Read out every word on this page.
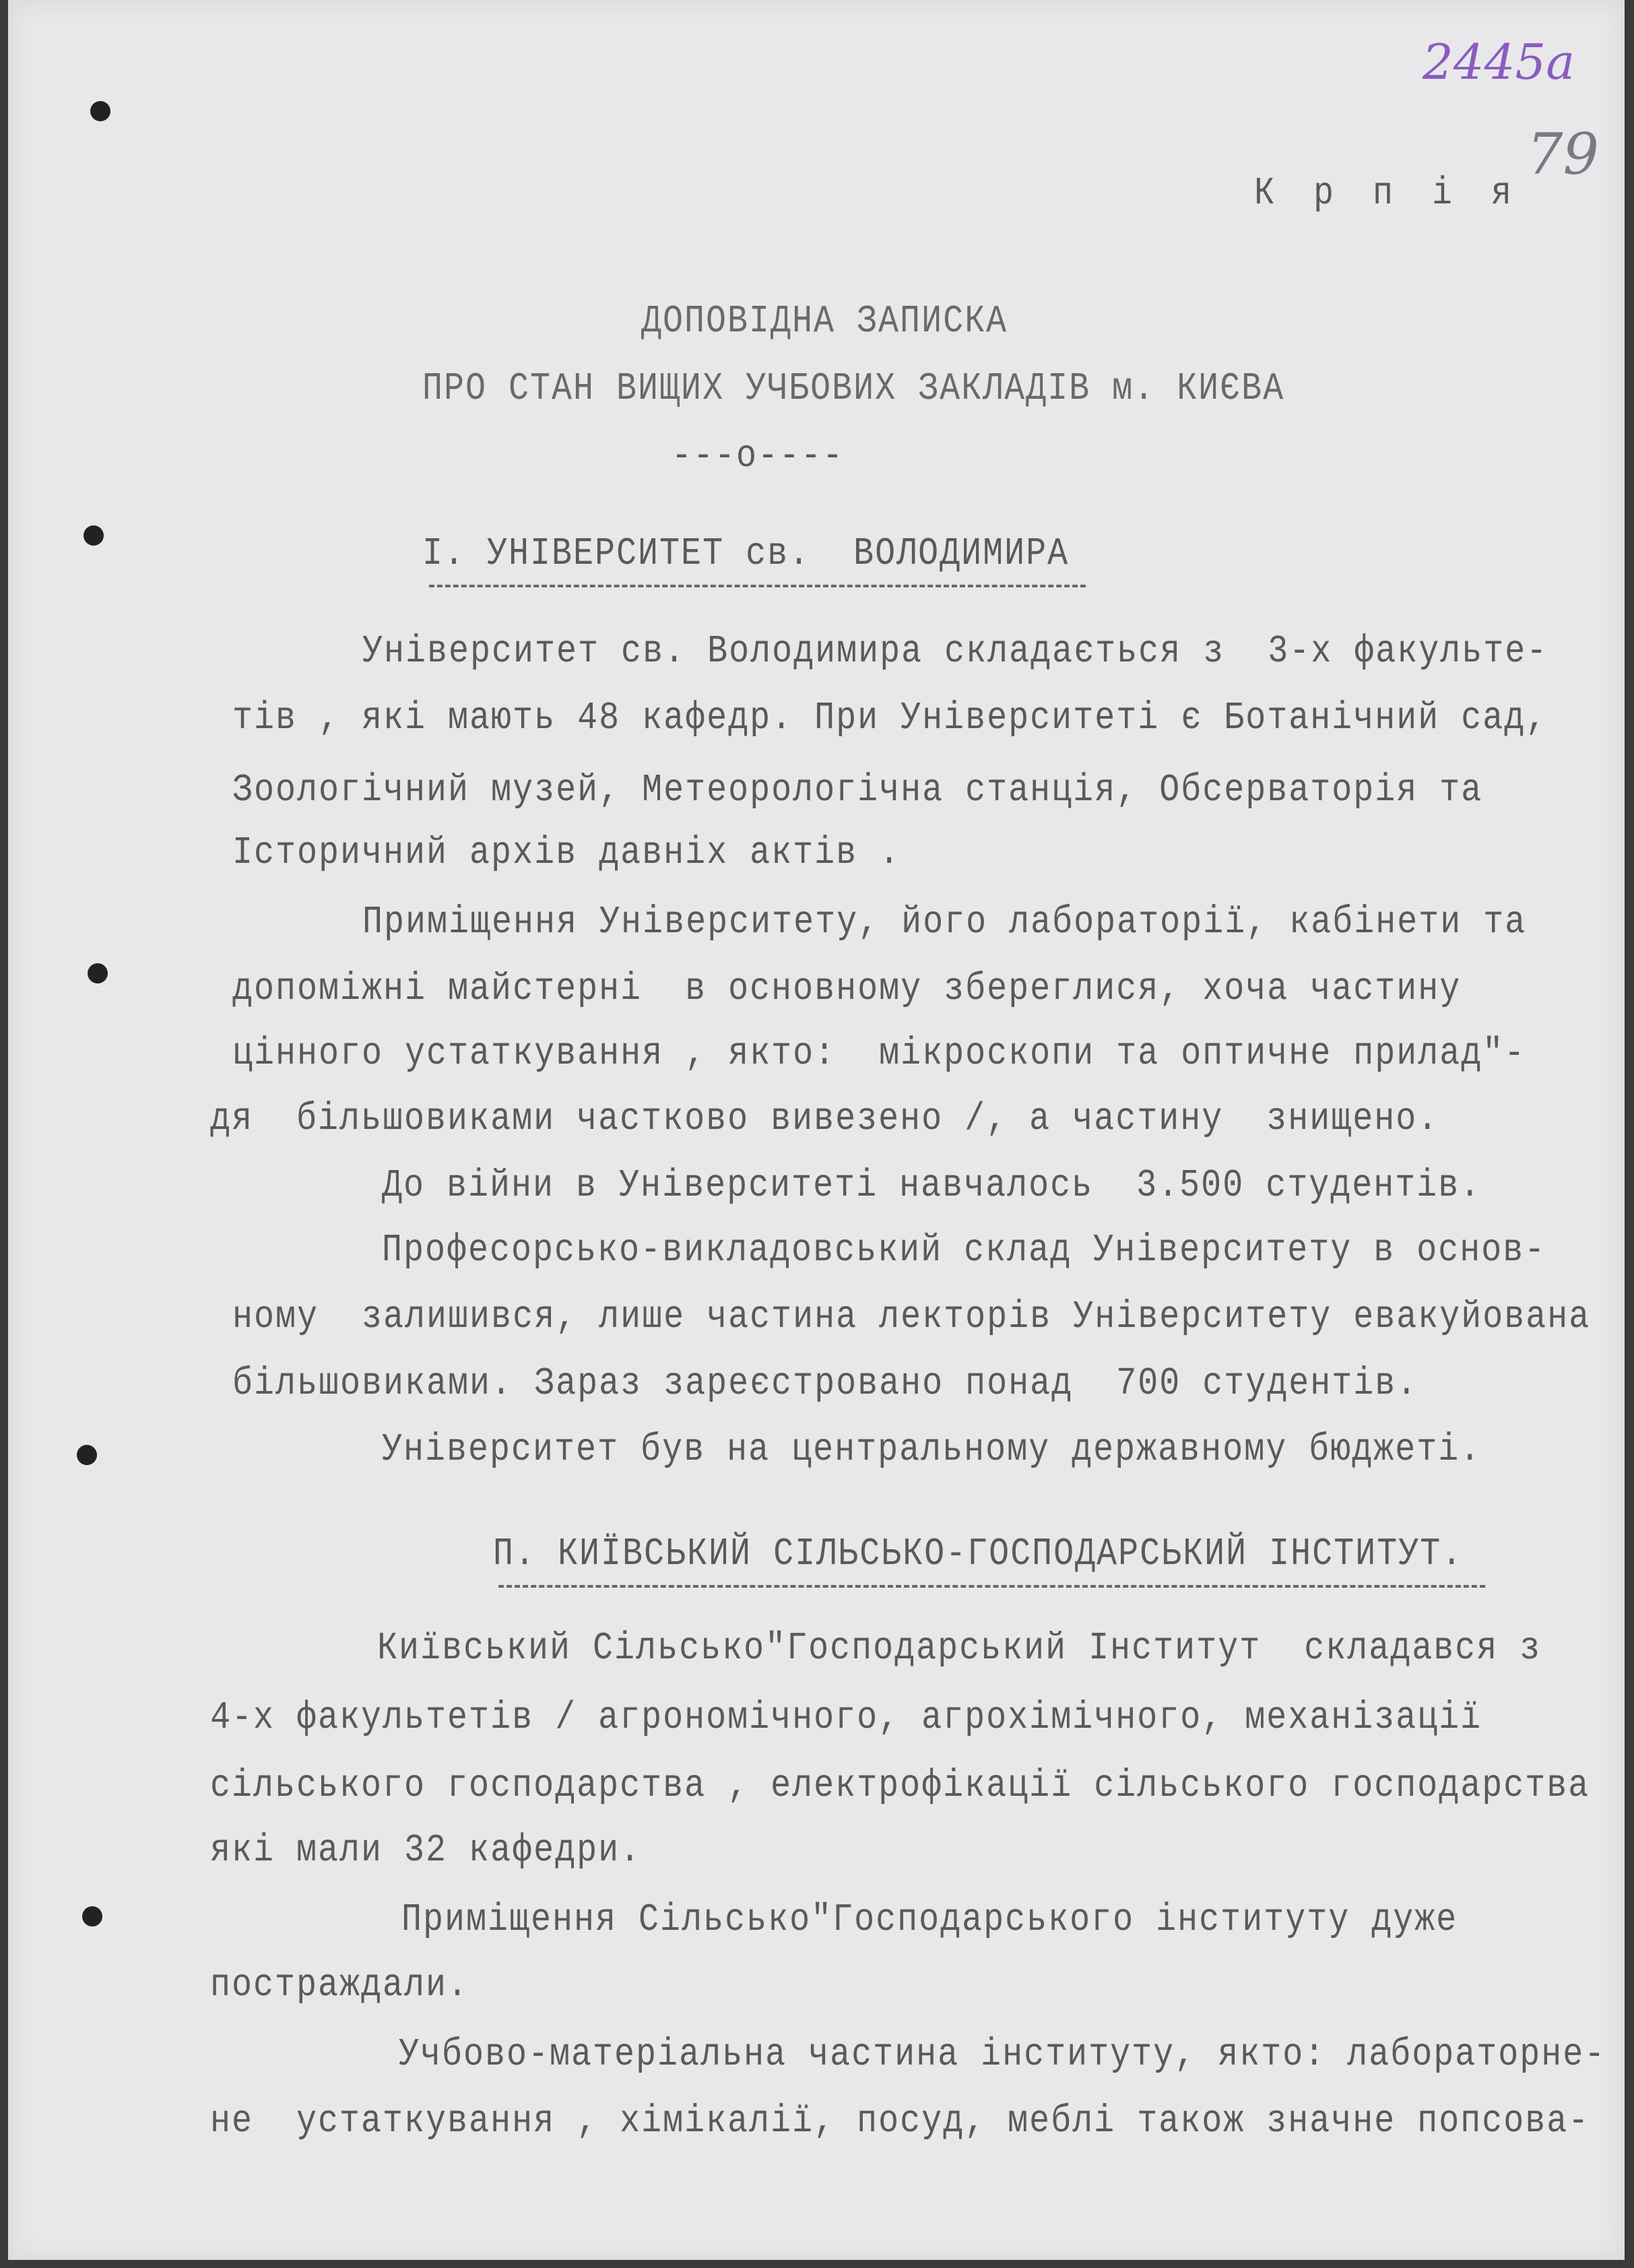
2445а
79
К р п і я
ДОПОВІДНА ЗАПИСКА
ПРО СТАН ВИЩИХ УЧБОВИХ ЗАКЛАДІВ м. КИЄВА
---o----
I. УНІВЕРСИТЕТ св.  ВОЛОДИМИРА
Університет св. Володимира складається з  3-х факульте-
тів , які мають 48 кафедр. При Університеті є Ботанічний сад,
Зоологічний музей, Метеорологічна станція, Обсерваторія та
Історичний архів давніх актів .
Приміщення Університету, його лабораторії, кабінети та
допоміжні майстерні  в основному збереглися, хоча частину
цінного устаткування , якто:  мікроскопи та оптичне прилад"-
дя  більшовиками частково вивезено /, а частину  знищено.
До війни в Університеті навчалось  3.500 студентів.
Професорсько-викладовський склад Університету в основ-
ному  залишився, лише частина лекторів Університету евакуйована
більшовиками. Зараз зареєстровано понад  700 студентів.
Університет був на центральному державному бюджеті.
П. КИЇВСЬКИЙ СІЛЬСЬКО-ГОСПОДАРСЬКИЙ ІНСТИТУТ.
Київський Сільсько"Господарський Інститут  складався з
4-х факультетів / агрономічного, агрохімічного, механізації
сільського господарства , електрофікації сільського господарства
які мали 32 кафедри.
Приміщення Сільсько"Господарського інституту дуже
постраждали.
Учбово-матеріальна частина інституту, якто: лабораторне-
не  устаткування , хімікалії, посуд, меблі також значне попсова-
